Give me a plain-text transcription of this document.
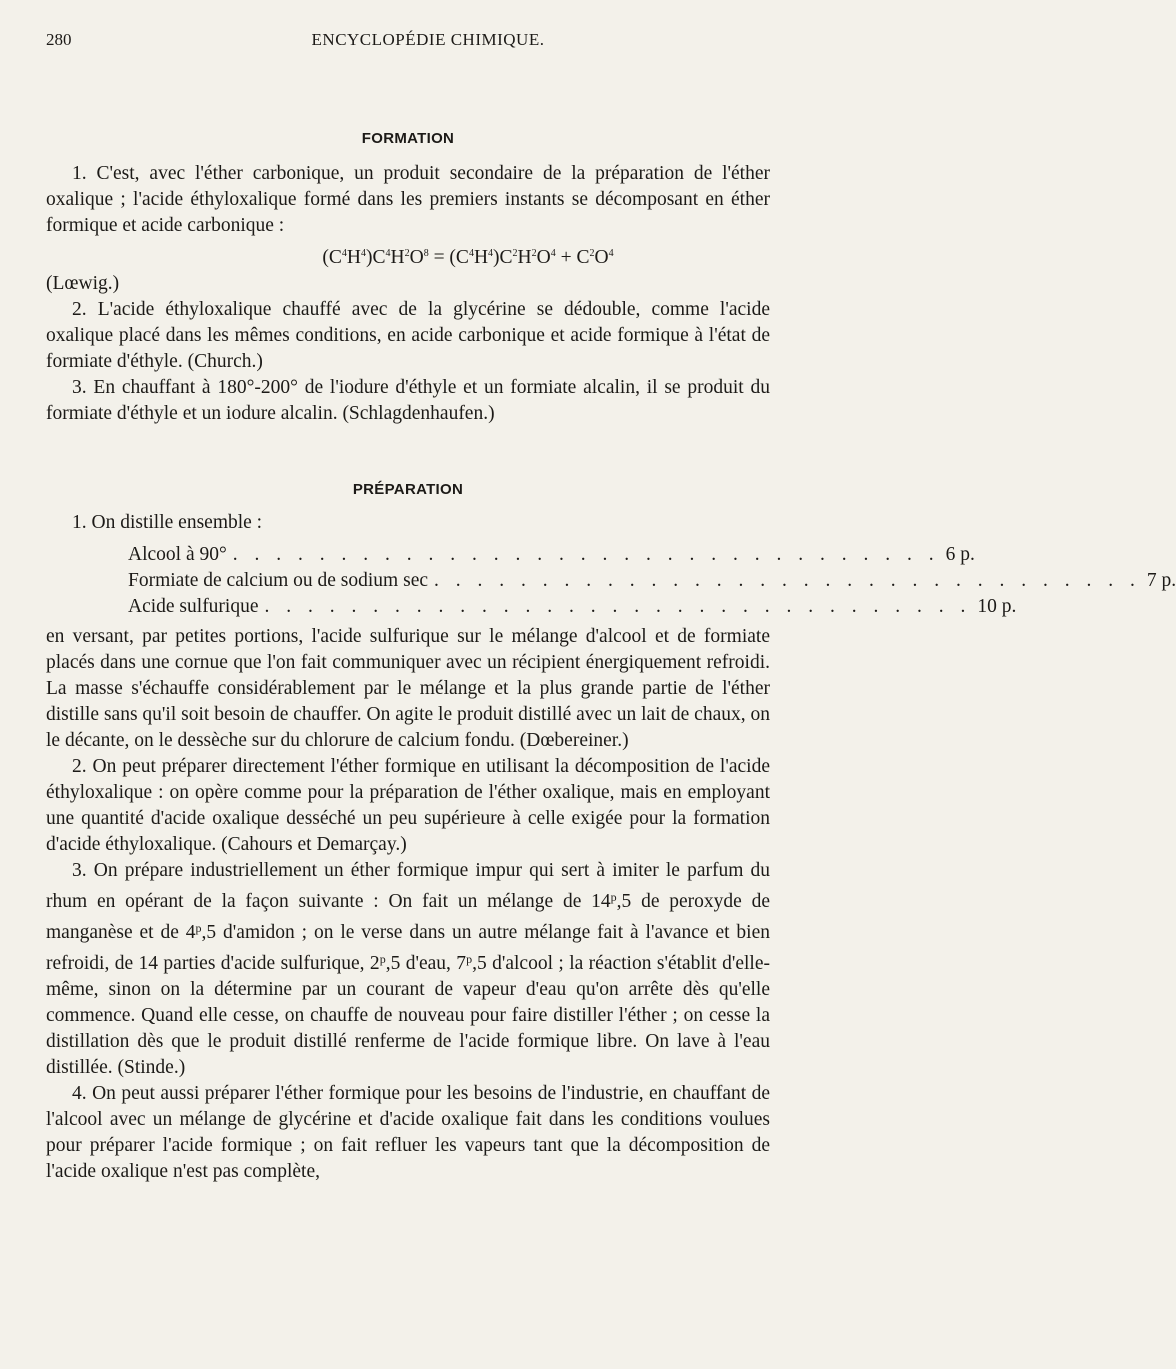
280	ENCYCLOPÉDIE CHIMIQUE.
FORMATION

1. C'est, avec l'éther carbonique, un produit secondaire de la préparation de l'éther oxalique ; l'acide éthyloxalique formé dans les premiers instants se décomposant en éther formique et acide carbonique :

$(C^4H^4)C^4H^2O^8 = (C^4H^4)C^2H^2O^4 + C^2O^4$

(Lœwig.)

2. L'acide éthyloxalique chauffé avec de la glycérine se dédouble, comme l'acide oxalique placé dans les mêmes conditions, en acide carbonique et acide formique à l'état de formiate d'éthyle. (Church.)

3. En chauffant à 180°-200° de l'iodure d'éthyle et un formiate alcalin, il se produit du formiate d'éthyle et un iodure alcalin. (Schlagdenhaufen.)

PRÉPARATION

1. On distille ensemble :

Alcool à 90° . . . . . . . . . . . . . . . . . . . . . . . . . . . . . . . . . 6 p.
Formiate de calcium ou de sodium sec . . . . . . . . . . . . . . . . . . . . . . . . . . . . . . . . . 7 p.
Acide sulfurique . . . . . . . . . . . . . . . . . . . . . . . . . . . . . . . . . 10 p.

en versant, par petites portions, l'acide sulfurique sur le mélange d'alcool et de formiate placés dans une cornue que l'on fait communiquer avec un récipient énergiquement refroidi. La masse s'échauffe considérablement par le mélange et la plus grande partie de l'éther distille sans qu'il soit besoin de chauffer. On agite le produit distillé avec un lait de chaux, on le décante, on le dessèche sur du chlorure de calcium fondu. (Dœbereiner.)

2. On peut préparer directement l'éther formique en utilisant la décomposition de l'acide éthyloxalique : on opère comme pour la préparation de l'éther oxalique, mais en employant une quantité d'acide oxalique desséché un peu supérieure à celle exigée pour la formation d'acide éthyloxalique. (Cahours et Demarçay.)

3. On prépare industriellement un éther formique impur qui sert à imiter le parfum du rhum en opérant de la façon suivante : On fait un mélange de 14$^p$,5 de peroxyde de manganèse et de 4$^p$,5 d'amidon ; on le verse dans un autre mélange fait à l'avance et bien refroidi, de 14 parties d'acide sulfurique, 2$^p$,5 d'eau, 7$^p$,5 d'alcool ; la réaction s'établit d'elle-même, sinon on la détermine par un courant de vapeur d'eau qu'on arrête dès qu'elle commence. Quand elle cesse, on chauffe de nouveau pour faire distiller l'éther ; on cesse la distillation dès que le produit distillé renferme de l'acide formique libre. On lave à l'eau distillée. (Stinde.)

4. On peut aussi préparer l'éther formique pour les besoins de l'industrie, en chauffant de l'alcool avec un mélange de glycérine et d'acide oxalique fait dans les conditions voulues pour préparer l'acide formique ; on fait refluer les vapeurs tant que la décomposition de l'acide oxalique n'est pas complète,
